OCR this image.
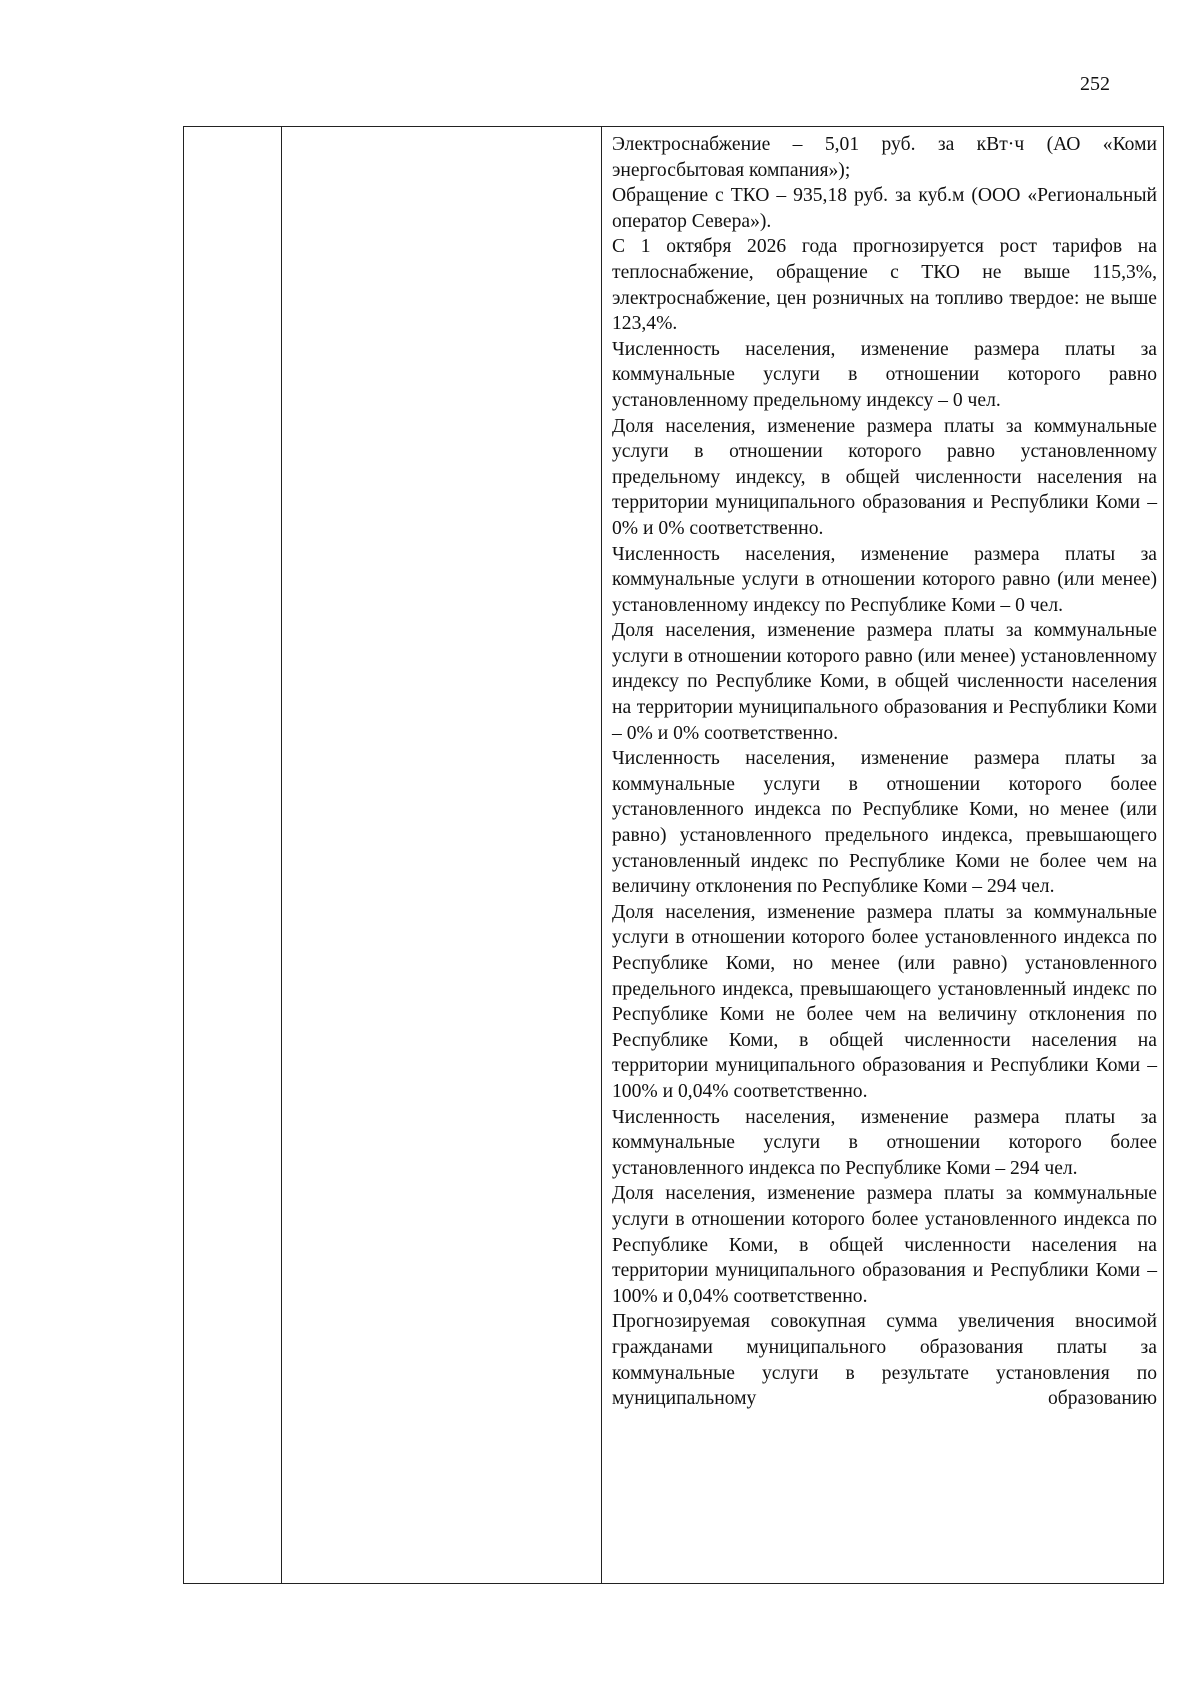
252

Электроснабжение – 5,01 руб. за кВт·ч (АО «Коми энергосбытовая компания»);

Обращение с ТКО – 935,18 руб. за куб.м (ООО «Региональный оператор Севера»).

С 1 октября 2026 года прогнозируется рост тарифов на теплоснабжение, обращение с ТКО не выше 115,3%, электроснабжение, цен розничных на топливо твердое: не выше 123,4%.

Численность населения, изменение размера платы за коммунальные услуги в отношении которого равно установленному предельному индексу – 0 чел.

Доля населения, изменение размера платы за коммунальные услуги в отношении которого равно установленному предельному индексу, в общей численности населения на территории муниципального образования и Республики Коми – 0% и 0% соответственно.

Численность населения, изменение размера платы за коммунальные услуги в отношении которого равно (или менее) установленному индексу по Республике Коми – 0 чел.

Доля населения, изменение размера платы за коммунальные услуги в отношении которого равно (или менее) установленному индексу по Республике Коми, в общей численности населения на территории муниципального образования и Республики Коми – 0% и 0% соответственно.

Численность населения, изменение размера платы за коммунальные услуги в отношении которого более установленного индекса по Республике Коми, но менее (или равно) установленного предельного индекса, превышающего установленный индекс по Республике Коми не более чем на величину отклонения по Республике Коми – 294 чел.

Доля населения, изменение размера платы за коммунальные услуги в отношении которого более установленного индекса по Республике Коми, но менее (или равно) установленного предельного индекса, превышающего установленный индекс по Республике Коми не более чем на величину отклонения по Республике Коми, в общей численности населения на территории муниципального образования и Республики Коми – 100% и 0,04% соответственно.

Численность населения, изменение размера платы за коммунальные услуги в отношении которого более установленного индекса по Республике Коми – 294 чел.

Доля населения, изменение размера платы за коммунальные услуги в отношении которого более установленного индекса по Республике Коми, в общей численности населения на территории муниципального образования и Республики Коми – 100% и 0,04% соответственно.

Прогнозируемая совокупная сумма увеличения вносимой гражданами муниципального образования платы за коммунальные услуги в результате установления по муниципальному образованию
